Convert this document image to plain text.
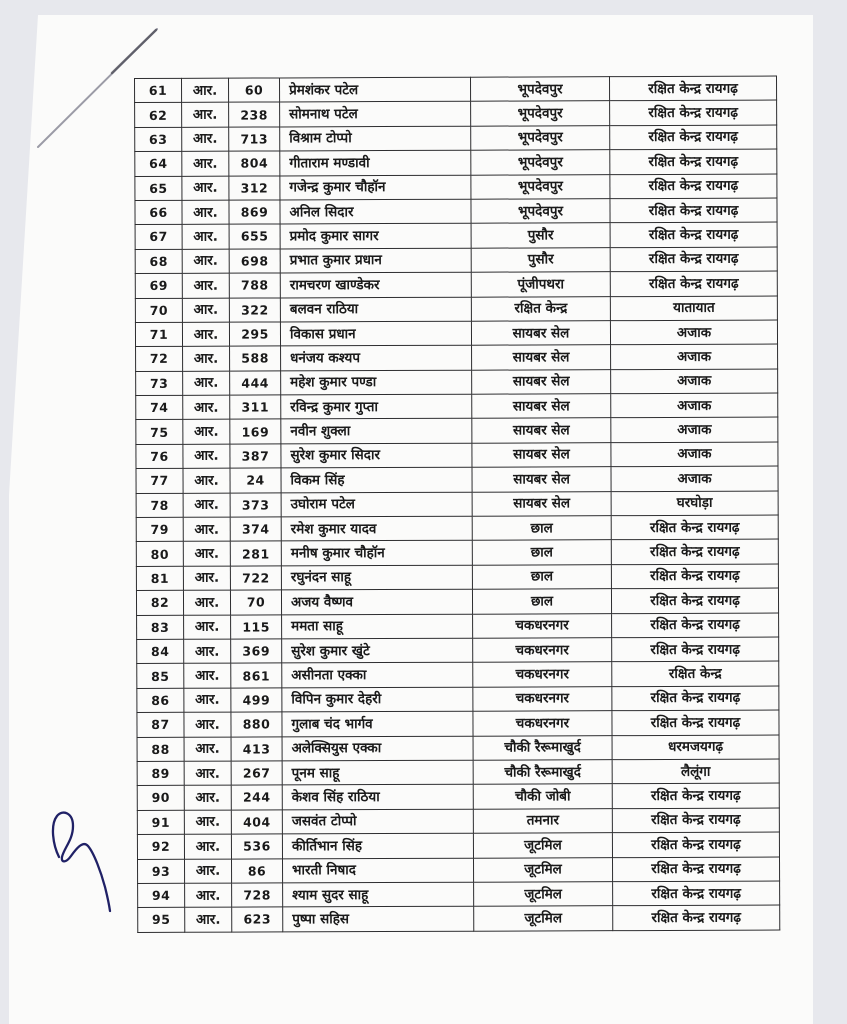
61	आर.	60	प्रेमशंकर पटेल	भूपदेवपुर	रक्षित केन्द्र रायगढ़
62	आर.	238	सोमनाथ पटेल	भूपदेवपुर	रक्षित केन्द्र रायगढ़
63	आर.	713	विश्राम टोप्पो	भूपदेवपुर	रक्षित केन्द्र रायगढ़
64	आर.	804	गीताराम मण्डावी	भूपदेवपुर	रक्षित केन्द्र रायगढ़
65	आर.	312	गजेन्द्र कुमार चौहॉन	भूपदेवपुर	रक्षित केन्द्र रायगढ़
66	आर.	869	अनिल सिदार	भूपदेवपुर	रक्षित केन्द्र रायगढ़
67	आर.	655	प्रमोद कुमार सागर	पुसौर	रक्षित केन्द्र रायगढ़
68	आर.	698	प्रभात कुमार प्रधान	पुसौर	रक्षित केन्द्र रायगढ़
69	आर.	788	रामचरण खाण्डेकर	पूंजीपथरा	रक्षित केन्द्र रायगढ़
70	आर.	322	बलवन राठिया	रक्षित केन्द्र	यातायात
71	आर.	295	विकास प्रधान	सायबर सेल	अजाक
72	आर.	588	धनंजय कश्यप	सायबर सेल	अजाक
73	आर.	444	महेश कुमार पण्डा	सायबर सेल	अजाक
74	आर.	311	रविन्द्र कुमार गुप्ता	सायबर सेल	अजाक
75	आर.	169	नवीन शुक्ला	सायबर सेल	अजाक
76	आर.	387	सुरेश कुमार सिदार	सायबर सेल	अजाक
77	आर.	24	विकम सिंह	सायबर सेल	अजाक
78	आर.	373	उघोराम पटेल	सायबर सेल	घरघोड़ा
79	आर.	374	रमेश कुमार यादव	छाल	रक्षित केन्द्र रायगढ़
80	आर.	281	मनीष कुमार चौहॉन	छाल	रक्षित केन्द्र रायगढ़
81	आर.	722	रघुनंदन साहू	छाल	रक्षित केन्द्र रायगढ़
82	आर.	70	अजय वैष्णव	छाल	रक्षित केन्द्र रायगढ़
83	आर.	115	ममता साहू	चकधरनगर	रक्षित केन्द्र रायगढ़
84	आर.	369	सुरेश कुमार खुंटे	चकधरनगर	रक्षित केन्द्र रायगढ़
85	आर.	861	असीनता एक्का	चकधरनगर	रक्षित केन्द्र
86	आर.	499	विपिन कुमार देहरी	चकधरनगर	रक्षित केन्द्र रायगढ़
87	आर.	880	गुलाब चंद भार्गव	चकधरनगर	रक्षित केन्द्र रायगढ़
88	आर.	413	अलेक्सियुस एक्का	चौकी रैरूमाखुर्द	धरमजयगढ़
89	आर.	267	पूनम साहू	चौकी रैरूमाखुर्द	लैलूंगा
90	आर.	244	केशव सिंह राठिया	चौकी जोबी	रक्षित केन्द्र रायगढ़
91	आर.	404	जसवंत टोप्पो	तमनार	रक्षित केन्द्र रायगढ़
92	आर.	536	कीर्तिभान सिंह	जूटमिल	रक्षित केन्द्र रायगढ़
93	आर.	86	भारती निषाद	जूटमिल	रक्षित केन्द्र रायगढ़
94	आर.	728	श्याम सुदर साहू	जूटमिल	रक्षित केन्द्र रायगढ़
95	आर.	623	पुष्पा सहिस	जूटमिल	रक्षित केन्द्र रायगढ़
